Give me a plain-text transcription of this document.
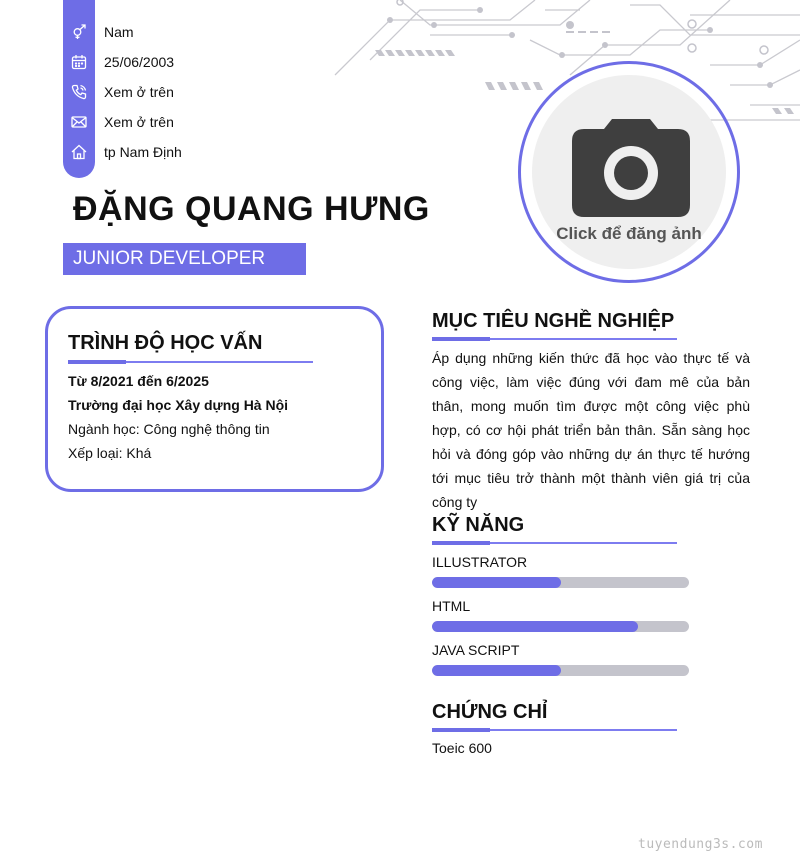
Nam
25/06/2003
Xem ở trên
Xem ở trên
tp Nam Định
ĐẶNG QUANG HƯNG
JUNIOR DEVELOPER
Click để đăng ảnh
TRÌNH ĐỘ HỌC VẤN
Từ 8/2021 đến 6/2025
Trường đại học Xây dựng Hà Nội
Ngành học: Công nghệ thông tin
Xếp loại: Khá
MỤC TIÊU NGHỀ NGHIỆP

Áp dụng những kiến thức đã học vào thực tế và công việc, làm việc đúng với đam mê của bản thân, mong muốn tìm được một công việc phù hợp, có cơ hội phát triển bản thân. Sẵn sàng học hỏi và đóng góp vào những dự án thực tế hướng tới mục tiêu trở thành một thành viên giá trị của công ty

KỸ NĂNG
ILLUSTRATOR
HTML
JAVA SCRIPT
CHỨNG CHỈ
Toeic 600
tuyendung3s.com
